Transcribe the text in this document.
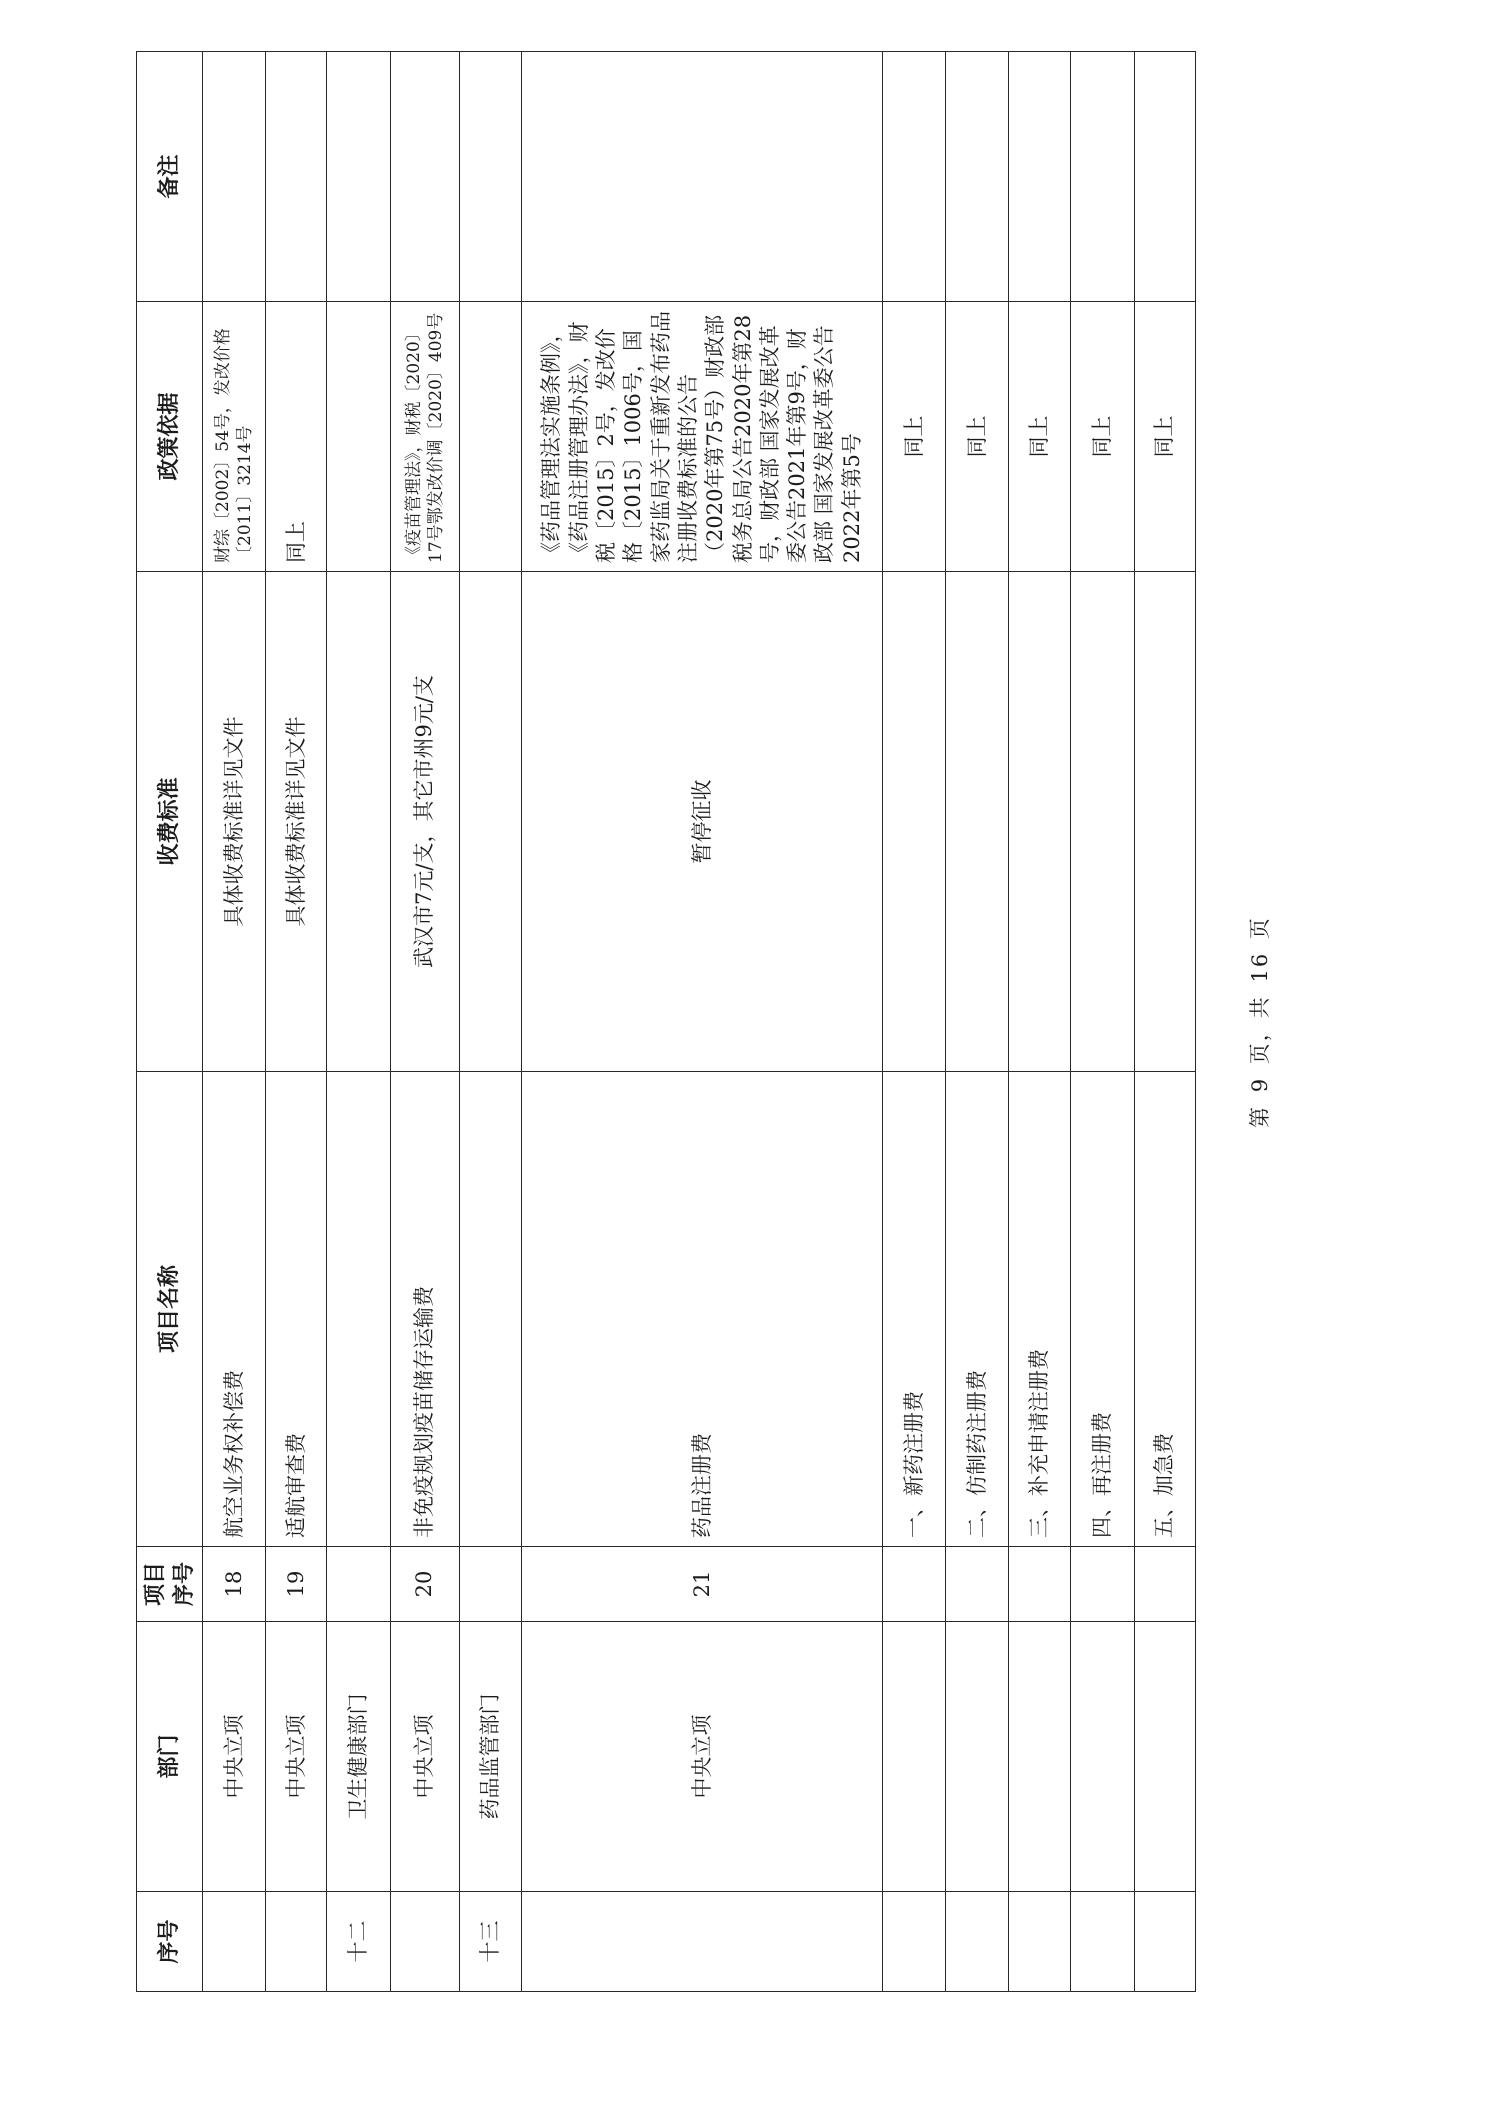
序号	部门	项目序号	项目名称	收费标准	政策依据	备注
	中央立项	18	航空业务权补偿费	具体收费标准详见文件	财综〔2002〕54号，发改价格〔2011〕3214号	
	中央立项	19	适航审查费	具体收费标准详见文件	同上	
十二	卫生健康部门					
	中央立项	20	非免疫规划疫苗储存运输费	武汉市7元/支，其它市州9元/支	《疫苗管理法》，财税〔2020〕17号鄂发改价调〔2020〕409号	
十三	药品监管部门					
	中央立项	21	药品注册费	暂停征收	《药品管理法实施条例》，《药品注册管理办法》，财税〔2015〕2号，发改价格〔2015〕1006号，国家药监局关于重新发布药品注册收费标准的公告（2020年第75号）财政部税务总局公告2020年第28号，财政部 国家发展改革委公告2021年第9号，财政部 国家发展改革委公告2022年第5号	
			一、新药注册费		同上	
			二、仿制药注册费		同上	
			三、补充申请注册费		同上	
			四、再注册费		同上	
			五、加急费		同上	
第 9 页，共 16 页
